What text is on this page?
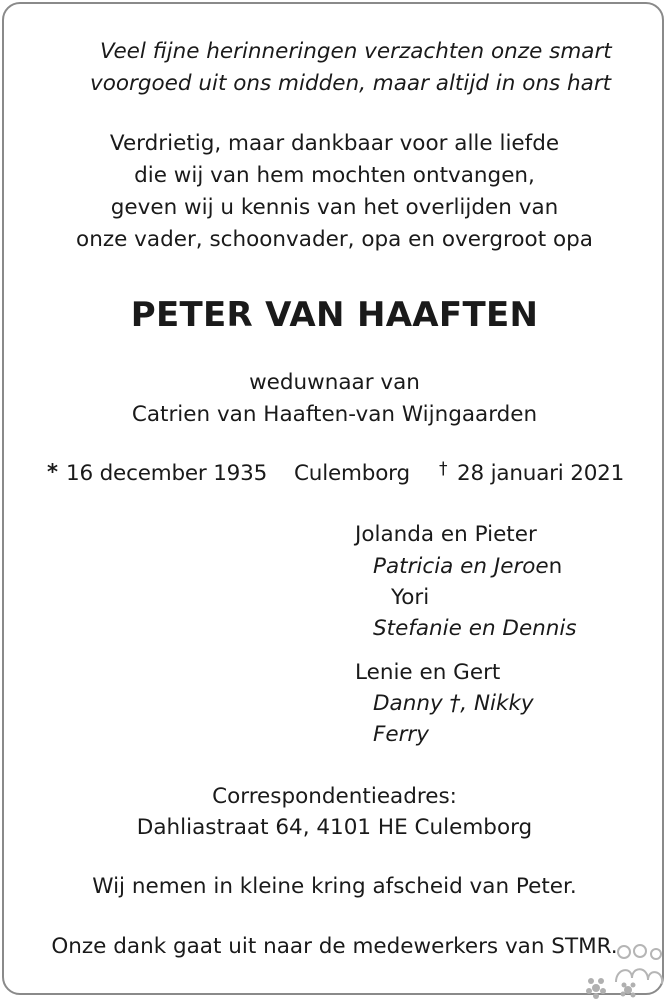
Veel fijne herinneringen verzachten onze smart
voorgoed uit ons midden, maar altijd in ons hart
Verdrietig, maar dankbaar voor alle liefde
die wij van hem mochten ontvangen,
geven wij u kennis van het overlijden van
onze vader, schoonvader, opa en overgroot opa
PETER VAN HAAFTEN
weduwnaar van
Catrien van Haaften-van Wijngaarden
* 16 december 1935 Culemborg † 28 januari 2021
Jolanda en Pieter
Patricia en Jeroen
Yori
Stefanie en Dennis
Lenie en Gert
Danny †, Nikky
Ferry
Correspondentieadres:
Dahliastraat 64, 4101 HE Culemborg
Wij nemen in kleine kring afscheid van Peter.
Onze dank gaat uit naar de medewerkers van STMR.
